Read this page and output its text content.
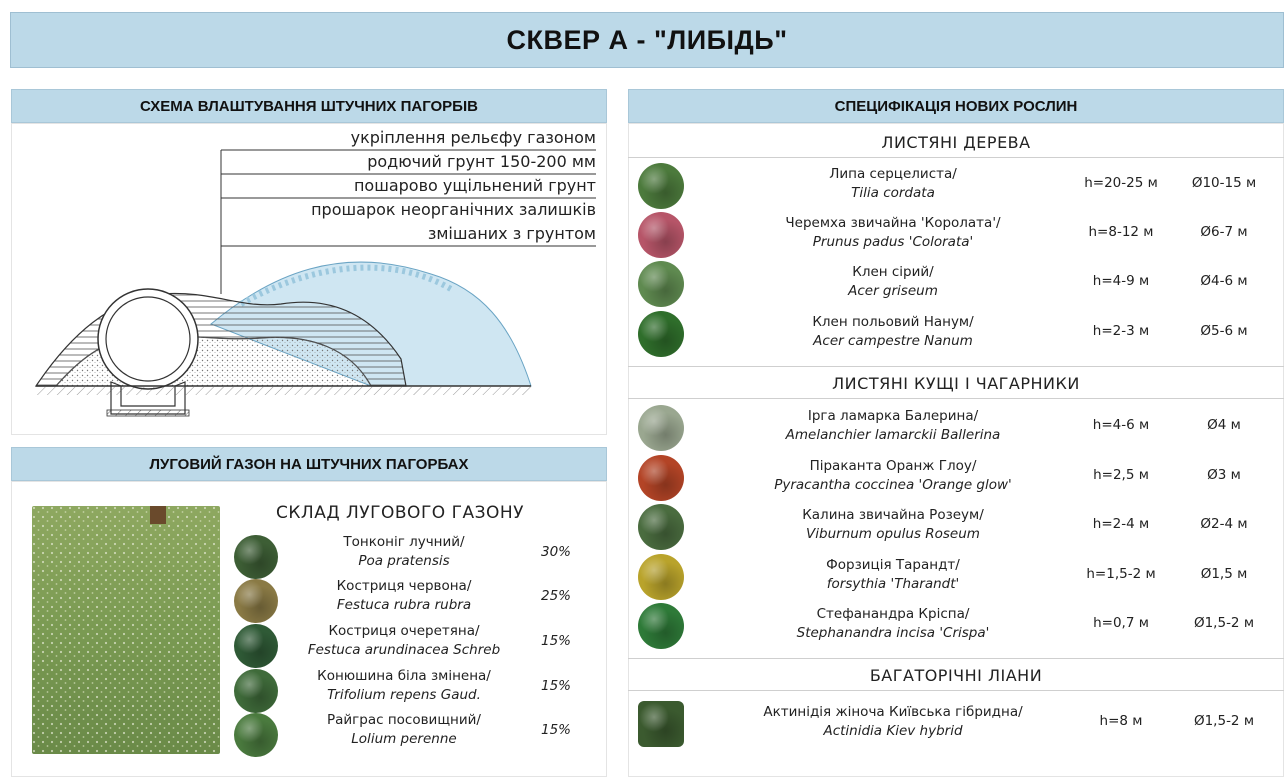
СКВЕР А - "ЛИБІДЬ"
СХЕМА ВЛАШТУВАННЯ ШТУЧНИХ ПАГОРБІВ
укріплення рельєфу газоном
родючий грунт 150-200 мм
пошарово ущільнений грунт
прошарок неорганічних залишків
змішаних з грунтом
ЛУГОВИЙ ГАЗОН НА ШТУЧНИХ ПАГОРБАХ
СКЛАД ЛУГОВОГО ГАЗОНУ
Тонконіг лучний/
Poa pratensis
30%
Костриця червона/
Festuca rubra rubra
25%
Костриця очеретяна/
Festuca arundinacea Schreb
15%
Конюшина біла змінена/
Trifolium repens Gaud.
15%
Райграс посовищний/
Lolium perenne
15%
СПЕЦИФІКАЦІЯ НОВИХ РОСЛИН
ЛИСТЯНІ ДЕРЕВА
Липа серцелиста/
Tilia cordata
h=20-25 м	Ø10-15 м
Черемха звичайна 'Королата'/
Prunus padus 'Colorata'
h=8-12 м	Ø6-7 м
Клен сірий/
Acer griseum
h=4-9 м	Ø4-6 м
Клен польовий Нанум/
Acer campestre Nanum
h=2-3 м	Ø5-6 м
ЛИСТЯНІ КУЩІ І ЧАГАРНИКИ
Ірга ламарка Балерина/
Amelanchier lamarckii Ballerina
h=4-6 м	Ø4 м
Піраканта Оранж Глоу/
Pyracantha coccinea 'Orange glow'
h=2,5 м	Ø3 м
Калина звичайна Розеум/
Viburnum opulus Roseum
h=2-4 м	Ø2-4 м
Форзиція Тарандт/
forsythia 'Tharandt'
h=1,5-2 м	Ø1,5 м
Стефанандра Кріспа/
Stephanandra incisa 'Crispa'
h=0,7 м	Ø1,5-2 м
БАГАТОРІЧНІ ЛІАНИ
Актинідія жіноча Київська гібридна/
Actinidia Kiev hybrid
h=8 м	Ø1,5-2 м
